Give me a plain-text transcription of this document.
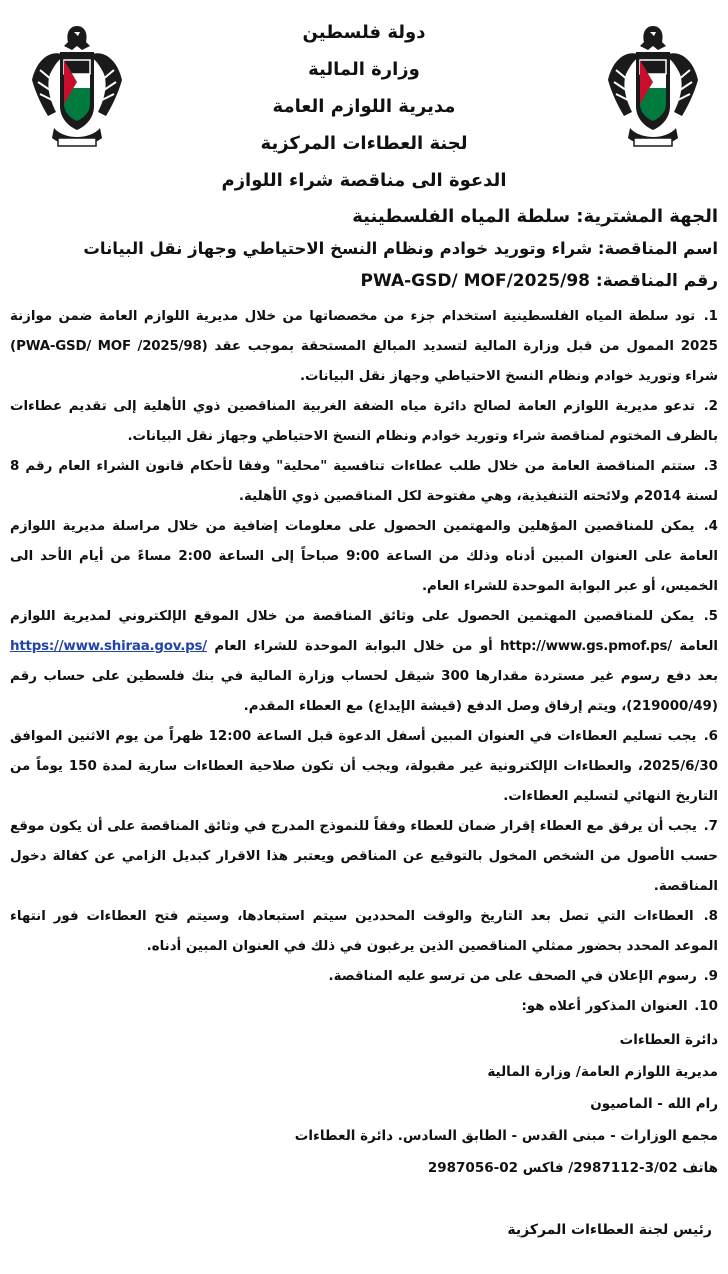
دولة فلسطين
وزارة المالية
مديرية اللوازم العامة
لجنة العطاءات المركزية
الدعوة الى مناقصة شراء اللوازم
الجهة المشترية: سلطة المياه الفلسطينية
اسم المناقصة: شراء وتوريد خوادم ونظام النسخ الاحتياطي وجهاز نقل البيانات
رقم المناقصة: PWA-GSD/ MOF/2025/98
1. تود سلطة المياه الفلسطينية استخدام جزء من مخصصاتها من خلال مديرية اللوازم العامة ضمن موازنة 2025 الممول من قبل وزارة المالية لتسديد المبالغ المستحقة بموجب عقد (PWA-GSD/ MOF /2025/98) شراء وتوريد خوادم ونظام النسخ الاحتياطي وجهاز نقل البيانات.
2. تدعو مديرية اللوازم العامة لصالح دائرة مياه الضفة الغربية المناقصين ذوي الأهلية إلى تقديم عطاءات بالظرف المختوم لمناقصة شراء وتوريد خوادم ونظام النسخ الاحتياطي وجهاز نقل البيانات.
3. ستتم المناقصة العامة من خلال طلب عطاءات تنافسية "محلية" وفقا لأحكام قانون الشراء العام رقم 8 لسنة 2014م ولائحته التنفيذية، وهي مفتوحة لكل المناقصين ذوي الأهلية.
4. يمكن للمناقصين المؤهلين والمهتمين الحصول على معلومات إضافية من خلال مراسلة مديرية اللوازم العامة على العنوان المبين أدناه وذلك من الساعة 9:00 صباحاً إلى الساعة 2:00 مساءً من أيام الأحد الى الخميس، أو عبر البوابة الموحدة للشراء العام.
5. يمكن للمناقصين المهتمين الحصول على وثائق المناقصة من خلال الموقع الإلكتروني لمديرية اللوازم العامة http://www.gs.pmof.ps/ أو من خلال البوابة الموحدة للشراء العام https://www.shiraa.gov.ps/ بعد دفع رسوم غير مستردة مقدارها 300 شيقل لحساب وزارة المالية في بنك فلسطين على حساب رقم (219000/49)، ويتم إرفاق وصل الدفع (قيشة الإيداع) مع العطاء المقدم.
6. يجب تسليم العطاءات في العنوان المبين أسفل الدعوة قبل الساعة 12:00 ظهراً من يوم الاثنين الموافق 2025/6/30، والعطاءات الإلكترونية غير مقبولة، ويجب أن تكون صلاحية العطاءات سارية لمدة 150 يوماً من التاريخ النهائي لتسليم العطاءات.
7. يجب أن يرفق مع العطاء إقرار ضمان للعطاء وفقاً للنموذج المدرج في وثائق المناقصة على أن يكون موقع حسب الأصول من الشخص المخول بالتوقيع عن المناقص ويعتبر هذا الاقرار كبديل الزامي عن كفالة دخول المناقصة.
8. العطاءات التي تصل بعد التاريخ والوقت المحددين سيتم استبعادها، وسيتم فتح العطاءات فور انتهاء الموعد المحدد بحضور ممثلي المناقصين الذين يرغبون في ذلك في العنوان المبين أدناه.
9. رسوم الإعلان في الصحف على من ترسو عليه المناقصة.
10. العنوان المذكور أعلاه هو:
دائرة العطاءات
مديرية اللوازم العامة/ وزارة المالية
رام الله - الماصيون
مجمع الوزارات - مبنى القدس - الطابق السادس. دائرة العطاءات
هاتف 3/02-2987112/ فاكس 02-2987056
رئيس لجنة العطاءات المركزية
